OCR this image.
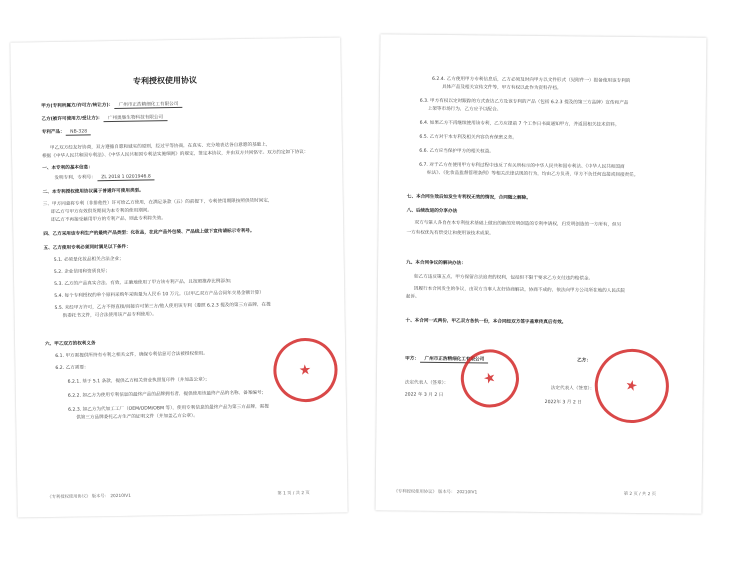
专利授权使用协议
甲方(专利所属方/许可方/转让方)： 广州市正浩精细化工有限公司
乙方(被许可使用方/受让方)： 广州奥集生物科技有限公司
专利产品： NB-328
甲乙双方经友好协商，双方遵循自愿和诚实的原则，经过平等协商，在真实、充分地表达各自意愿的基础上，
根据《中华人民共和国专利法》、《中华人民共和国专利法实施细则》的规定，签定本协议，并由双方共同恪守。双方约定如下协议：
一、本专利的基本信息：
发明专利，专利号： ZL 2018 1 0201946.8
二、本专利授权使用协议属于普通许可使用类型。
三、甲方同意将专利（非排他性）许可给乙方使用，在满足条款（五）的前提下，专利使用期限按照供货时间定，
即乙方与甲方有效供货期间为本专利的使用期间。
即乙方不再接受藉用甲方的专利产品，则此专利将失效。
四、乙方采用该专利生产的最终产品类型：化妆品，在此产品外包装、产品线上做下宣传请标示专利号。
五、乙方使用专利必须同时满足以下条件：
5.1. 必须是化妆品相关合法企业；
5.2. 企业信用和资质良好；
5.3. 乙方的产品真实合法、有效，正确地使用了甲方该专利产品，且按照推荐比例添加；
5.4. 每个专利授权的单个原料采购年采购量为人民币 10 万元。（以甲乙双方产品合同年交易金额计算）
5.5. 未经甲方许可，乙方不得直接/间接许可第三方/他人使用该专利（遵照 6.2.3 提及的第三方品牌，在提
供委托书文件，可合法使用该产品专利使用）。
六、甲乙双方的权利义务
6.1. 甲方需提供所持有专利之相关文件，确保专利信息可合法被授权使用。
6.2. 乙方需要：
6.2.1. 基于 5.1 条款，提供乙方相关营业执照复印件（并加盖公章）；
6.2.2. 如乙方为使用专利信息的最终产品的品牌拥有者，提供使用该最终产品的名称、备案编号；
6.2.3. 如乙方为代加工工厂（OEM/ODM/OBM 等），使用专利信息的最终产品为第三方品牌，需提
供第三方品牌委托乙方生产的证明文件（并加盖乙方公章）。
★
《专利授权使用协议》 版本号： 20210IV1
第 1 页 / 共 2 页
6.2.4. 乙方使用甲方专利信息后，乙方必须及时向甲方以文件形式（见附件一）报备使用该专利的
具体产品及相关宣传文件等，甲方有权以此作为资料存档。
6.3. 甲方有权以定时跟踪的方式查访乙方及该专利的产品（包括 6.2.3 提及的第三方品牌）宣传和产品
上架等市场行为，乙方应予以配合。
6.4. 如果乙方不再继续使用该专利，乙方应提前 7 个工作日书面通知甲方，并返回相关技术资料。
6.5. 乙方对于本专利及相关内容负有保密义务。
6.6. 乙方应当保护甲方的相关权益。
6.7. 对于乙方在使用甲方专利过程中违反了有关所标示的中华人民共和国专利法、《中华人民共和国商
标法》、《化妆品监督管理条例》等相关法律法规的行为，均由乙方负责，甲方不负任何直接或间接责任。
七、本合同生效后如发生专利权无效的情况，合同随之解除。
八、后续改进的分享办法
双方与第人各自在本专利技术基础上做出的新的发明创造的专利申请权，归发明创造的一方所有，但另
一方有权优先有偿受让和使用该技术成果。
九、本合同争议的解决办法：
如乙方违反第五点，甲方保留合法追责的权利，包括但不限于要求乙方支付违约赔偿金。
因履行本合同发生的争议，由双方当事人友好协商解决。协商不成的，依法向甲方公司所在地的人民法院
起诉。
十、本合同一式两份，甲乙双方各执一份，本合同经双方签字盖章传真后有效。
甲方： 广州市正浩精细化工有限公司	乙方：
法定代表人（签章）：
2022 年 3 月 2 日
法定代表人（签章）：
2022年 3 月 2 日
★	★
《专利授权使用协议》 版本号： 20210IV1	第 2 页 / 共 2 页
